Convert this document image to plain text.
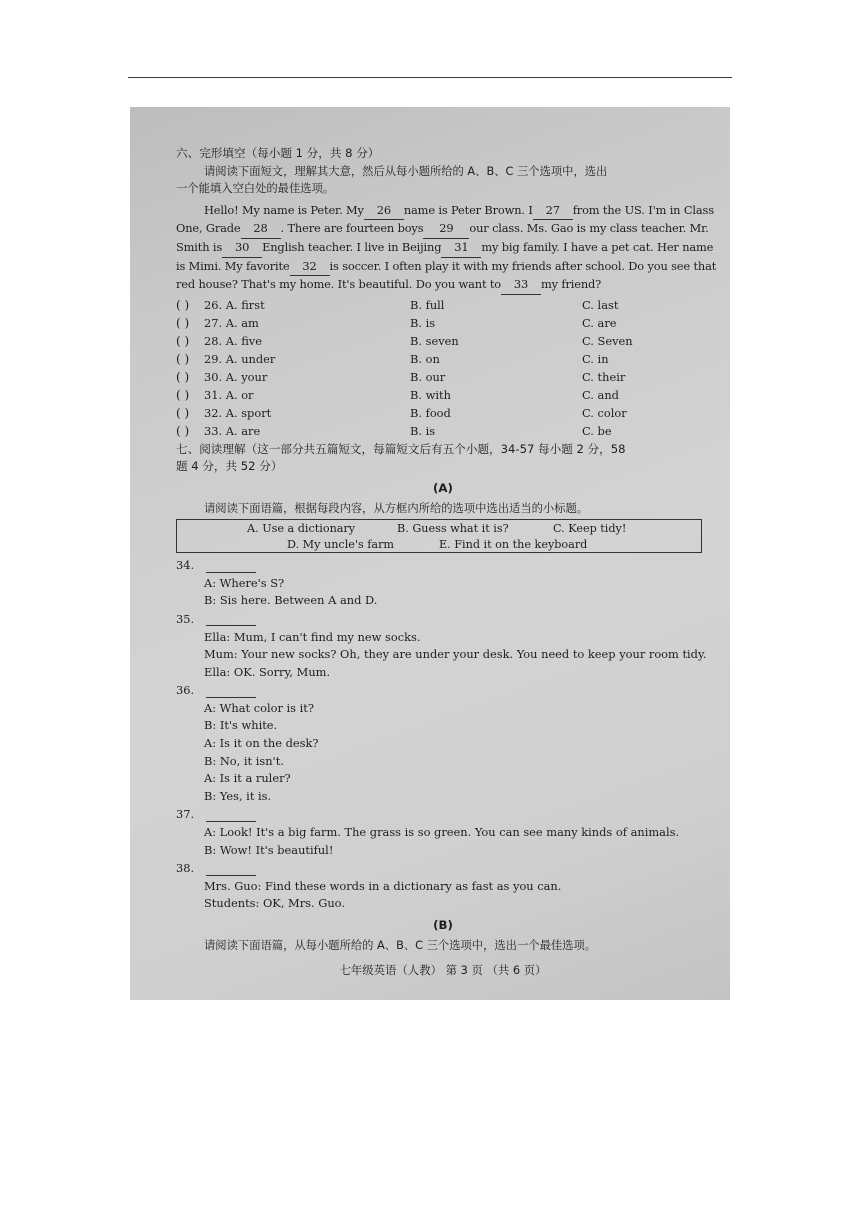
六、完形填空（每小题 1 分，共 8 分）
请阅读下面短文，理解其大意，然后从每小题所给的 A、B、C 三个选项中，选出
一个能填入空白处的最佳选项。
Hello! My name is Peter. My 26 name is Peter Brown. I 27 from the US. I'm in Class
One, Grade 28 . There are fourteen boys 29 our class. Ms. Gao is my class teacher. Mr.
Smith is 30 English teacher. I live in Beijing 31 my big family. I have a pet cat. Her name
is Mimi. My favorite 32 is soccer. I often play it with my friends after school. Do you see that
red house? That's my home. It's beautiful. Do you want to 33 my friend?
( )	26. A. first	B. full	C. last
( )	27. A. am	B. is	C. are
( )	28. A. five	B. seven	C. Seven
( )	29. A. under	B. on	C. in
( )	30. A. your	B. our	C. their
( )	31. A. or	B. with	C. and
( )	32. A. sport	B. food	C. color
( )	33. A. are	B. is	C. be
七、阅读理解（这一部分共五篇短文，每篇短文后有五个小题，34-57 每小题 2 分，58
题 4 分，共 52 分）
(A)
请阅读下面语篇，根据每段内容，从方框内所给的选项中选出适当的小标题。
A. Use a dictionary	B. Guess what it is?	C. Keep tidy!
D. My uncle's farm	E. Find it on the keyboard
34.
A: Where's S?
B: Sis here. Between A and D.
35.
Ella: Mum, I can't find my new socks.
Mum: Your new socks? Oh, they are under your desk. You need to keep your room tidy.
Ella: OK. Sorry, Mum.
36.
A: What color is it?
B: It's white.
A: Is it on the desk?
B: No, it isn't.
A: Is it a ruler?
B: Yes, it is.
37.
A: Look! It's a big farm. The grass is so green. You can see many kinds of animals.
B: Wow! It's beautiful!
38.
Mrs. Guo: Find these words in a dictionary as fast as you can.
Students: OK, Mrs. Guo.
(B)
请阅读下面语篇，从每小题所给的 A、B、C 三个选项中，选出一个最佳选项。
七年级英语（人教） 第 3 页 （共 6 页）
